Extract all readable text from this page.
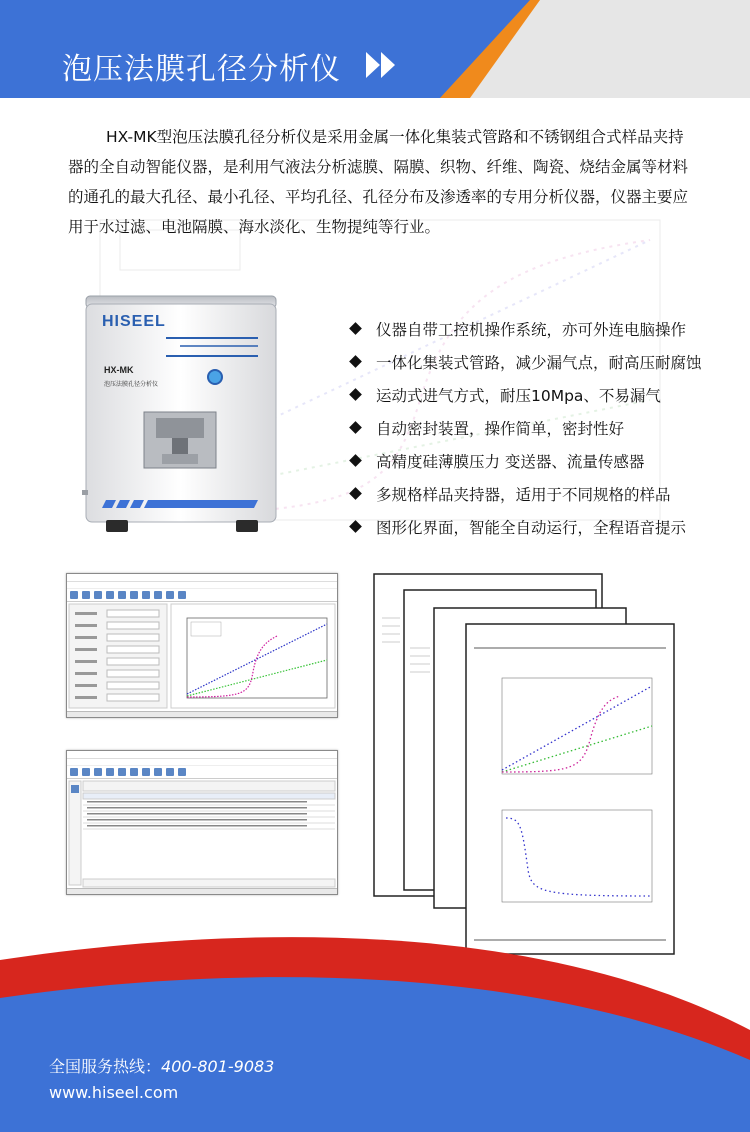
泡压法膜孔径分析仪
HX-MK型泡压法膜孔径分析仪是采用金属一体化集装式管路和不锈钢组合式样品夹持器的全自动智能仪器，是利用气液法分析滤膜、隔膜、织物、纤维、陶瓷、烧结金属等材料的通孔的最大孔径、最小孔径、平均孔径、孔径分布及渗透率的专用分析仪器，仪器主要应用于水过滤、电池隔膜、海水淡化、生物提纯等行业。
HISEEL
HX-MK
泡压法膜孔径分析仪
仪器自带工控机操作系统，亦可外连电脑操作
一体化集装式管路，减少漏气点，耐高压耐腐蚀
运动式进气方式，耐压10Mpa、不易漏气
自动密封装置，操作简单，密封性好
高精度硅薄膜压力 变送器、流量传感器
多规格样品夹持器，适用于不同规格的样品
图形化界面，智能全自动运行，全程语音提示
全国服务热线：400-801-9083
www.hiseel.com
